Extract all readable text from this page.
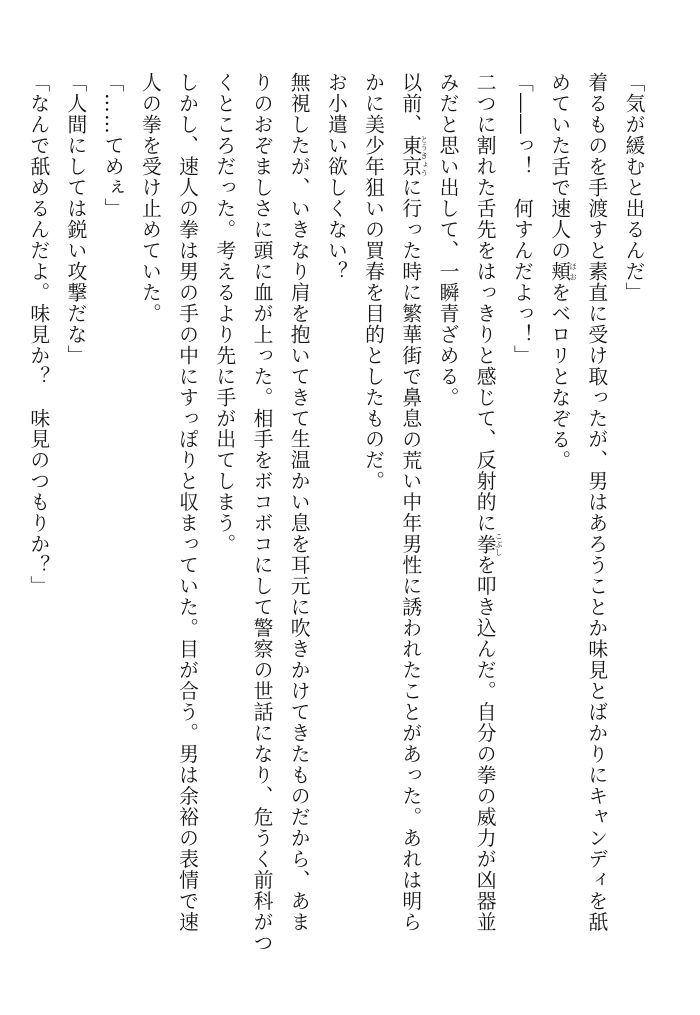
「気が緩むと出るんだ」

着るものを手渡すと素直に受け取ったが、男はあろうことか味見とばかりにキャンディを舐

めていた舌で速人の頬ほおをベロリとなぞる。

「――っ！　何すんだよっ！」

二つに割れた舌先をはっきりと感じて、反射的に拳こぶしを叩き込んだ。自分の拳の威力が凶器並

みだと思い出して、一瞬青ざめる。

以前、東京とうきょうに行った時に繁華街で鼻息の荒い中年男性に誘われたことがあった。あれは明ら

かに美少年狙いの買春を目的としたものだ。

お小遣い欲しくない？

無視したが、いきなり肩を抱いてきて生温かい息を耳元に吹きかけてきたものだから、あま

りのおぞましさに頭に血が上った。相手をボコボコにして警察の世話になり、危うく前科がつ

くところだった。考えるより先に手が出てしまう。

しかし、速人の拳は男の手の中にすっぽりと収まっていた。目が合う。男は余裕の表情で速

人の拳を受け止めていた。

「……てめぇ」

「人間にしては鋭い攻撃だな」

「なんで舐めるんだよ。味見か？　味見のつもりか？」
